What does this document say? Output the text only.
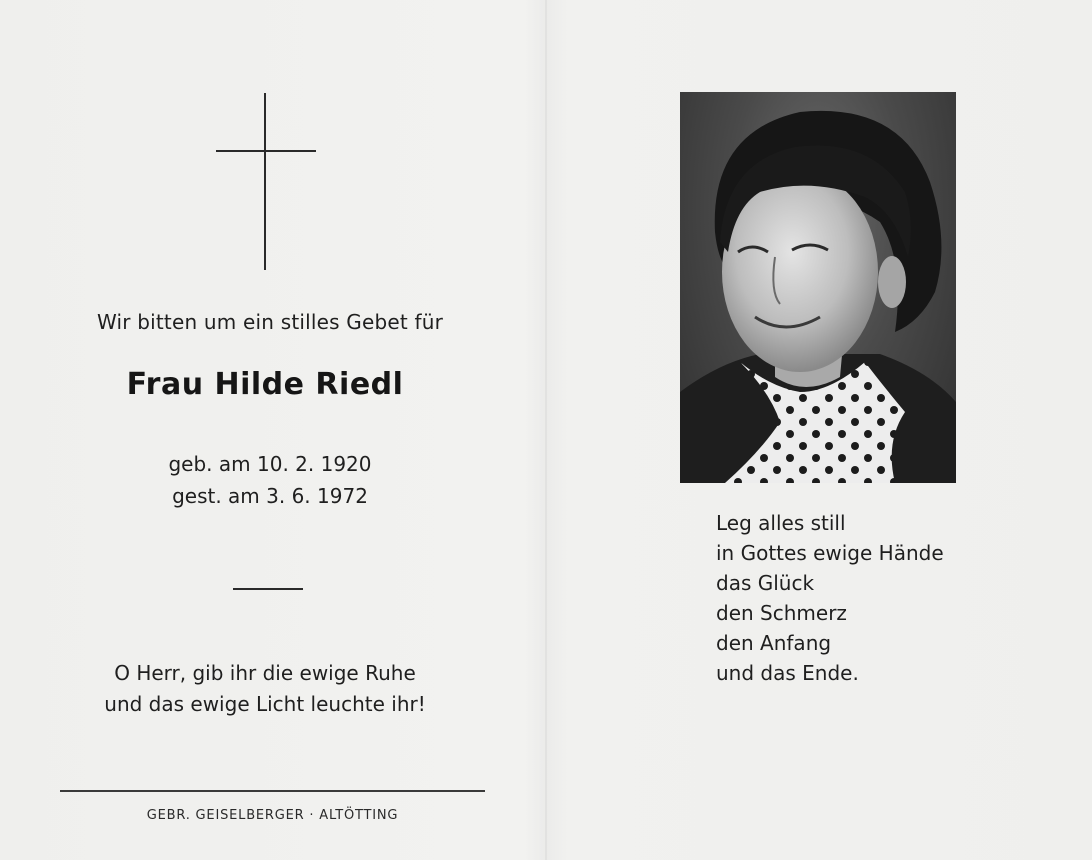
Wir bitten um ein stilles Gebet für
Frau Hilde Riedl
geb. am 10. 2. 1920
gest. am 3. 6. 1972
O Herr, gib ihr die ewige Ruhe
und das ewige Licht leuchte ihr!
GEBR. GEISELBERGER · ALTÖTTING
Leg alles still
in Gottes ewige Hände
das Glück
den Schmerz
den Anfang
und das Ende.
